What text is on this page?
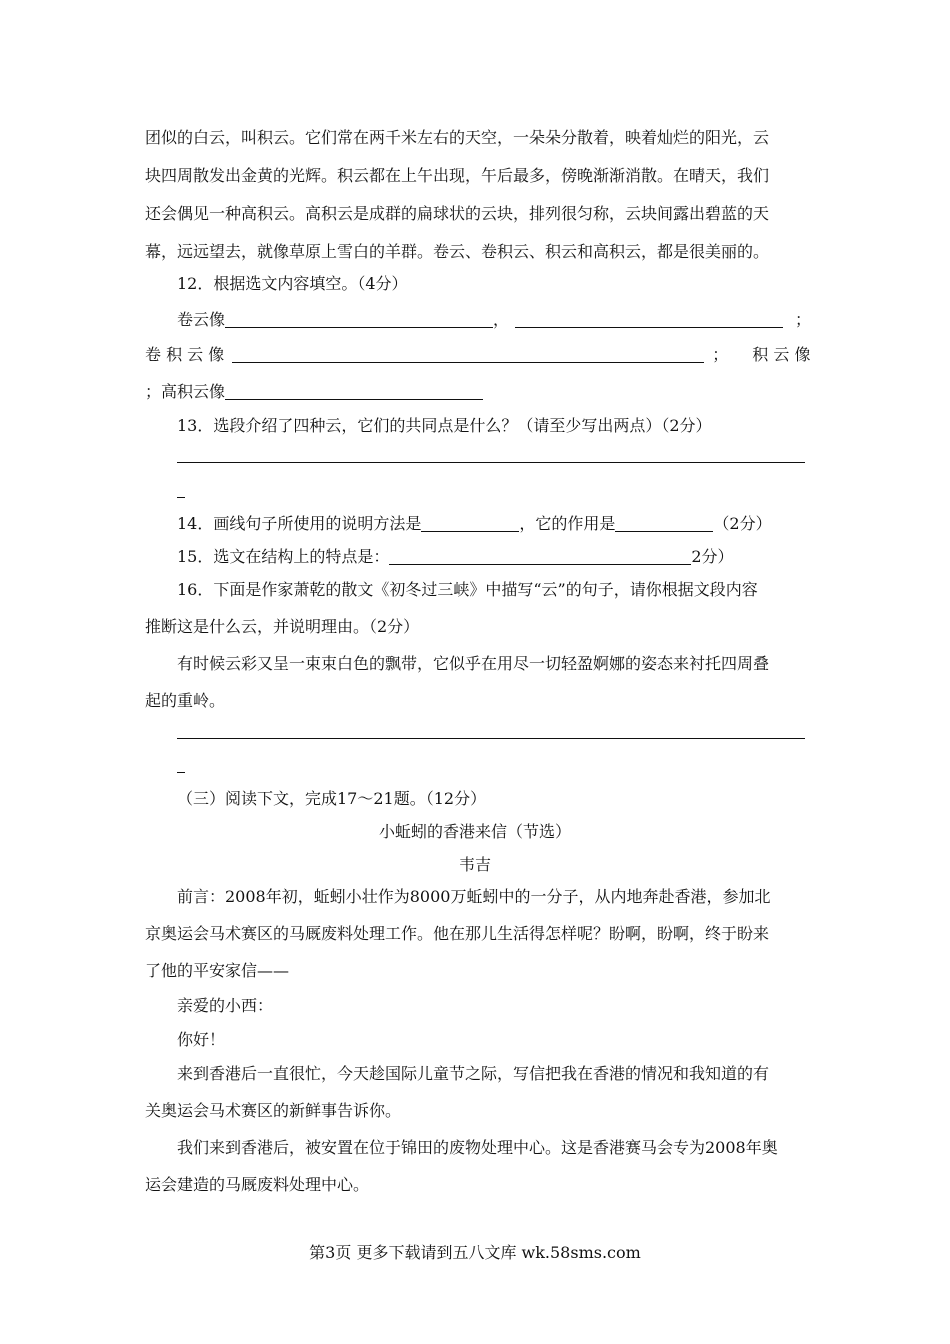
团似的白云，叫积云。它们常在两千米左右的天空，一朵朵分散着，映着灿烂的阳光，云
块四周散发出金黄的光辉。积云都在上午出现，午后最多，傍晚渐渐消散。在晴天，我们
还会偶见一种高积云。高积云是成群的扁球状的云块，排列很匀称，云块间露出碧蓝的天
幕，远远望去，就像草原上雪白的羊群。卷云、卷积云、积云和高积云，都是很美丽的。
12．根据选文内容填空。（4分）
卷云像	，	；
卷 积 云 像	； 积 云 像
；高积云像
13．选段介绍了四种云，它们的共同点是什么？（请至少写出两点）（2分）
14．画线句子所使用的说明方法是	，它的作用是	（2分）
15．选文在结构上的特点是：	2分）
16．下面是作家萧乾的散文《初冬过三峡》中描写“云”的句子，请你根据文段内容
推断这是什么云，并说明理由。（2分）
有时候云彩又呈一束束白色的飘带，它似乎在用尽一切轻盈婀娜的姿态来衬托四周叠
起的重岭。
（三）阅读下文，完成17～21题。（12分）
小蚯蚓的香港来信（节选）
韦吉
前言：2008年初，蚯蚓小壮作为8000万蚯蚓中的一分子，从内地奔赴香港，参加北
京奥运会马术赛区的马厩废料处理工作。他在那儿生活得怎样呢？盼啊，盼啊，终于盼来
了他的平安家信——
亲爱的小西：
你好！
来到香港后一直很忙，今天趁国际儿童节之际，写信把我在香港的情况和我知道的有
关奥运会马术赛区的新鲜事告诉你。
我们来到香港后，被安置在位于锦田的废物处理中心。这是香港赛马会专为2008年奥
运会建造的马厩废料处理中心。
第3页 更多下载请到五八文库 wk.58sms.com
